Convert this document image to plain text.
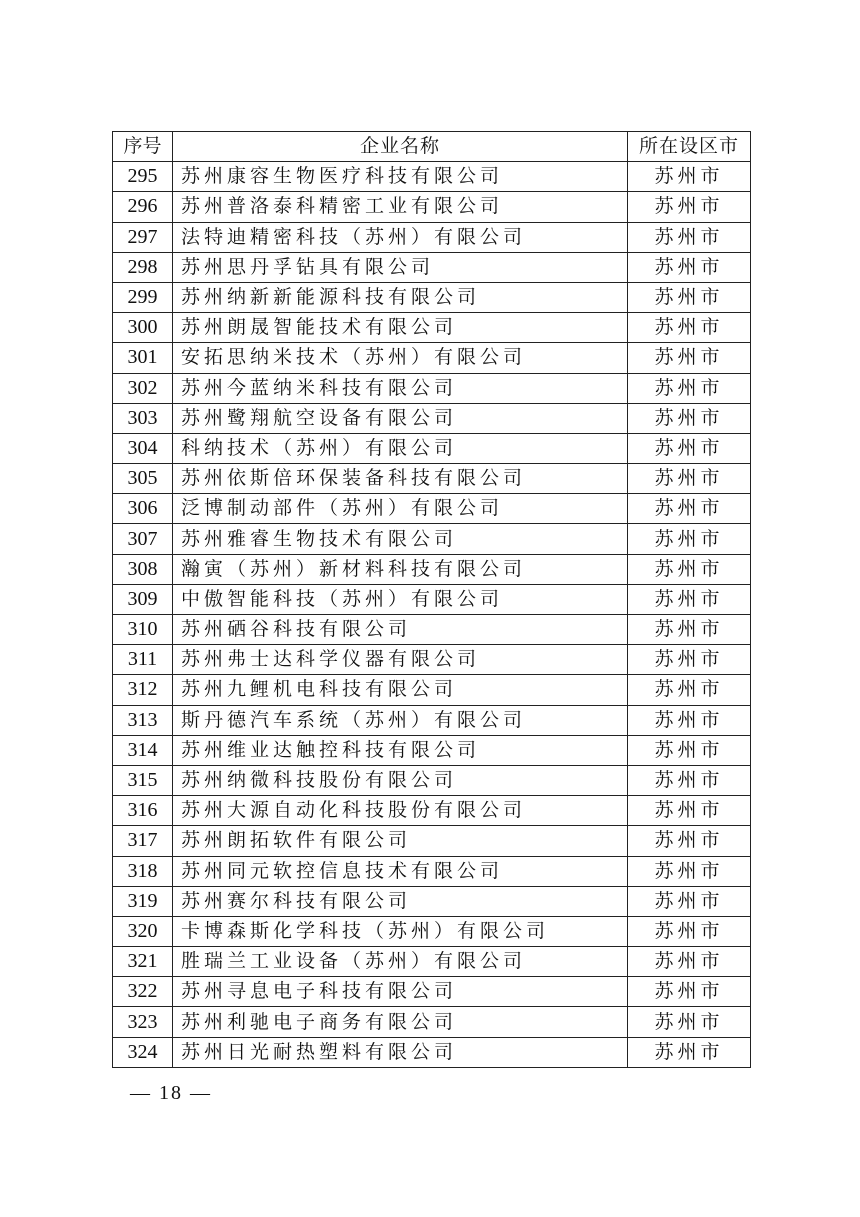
序号	企业名称	所在设区市
295	苏州康容生物医疗科技有限公司	苏州市
296	苏州普洛泰科精密工业有限公司	苏州市
297	法特迪精密科技（苏州）有限公司	苏州市
298	苏州思丹孚钻具有限公司	苏州市
299	苏州纳新新能源科技有限公司	苏州市
300	苏州朗晟智能技术有限公司	苏州市
301	安拓思纳米技术（苏州）有限公司	苏州市
302	苏州今蓝纳米科技有限公司	苏州市
303	苏州鹭翔航空设备有限公司	苏州市
304	科纳技术（苏州）有限公司	苏州市
305	苏州依斯倍环保装备科技有限公司	苏州市
306	泛博制动部件（苏州）有限公司	苏州市
307	苏州雅睿生物技术有限公司	苏州市
308	瀚寅（苏州）新材料科技有限公司	苏州市
309	中傲智能科技（苏州）有限公司	苏州市
310	苏州硒谷科技有限公司	苏州市
311	苏州弗士达科学仪器有限公司	苏州市
312	苏州九鲤机电科技有限公司	苏州市
313	斯丹德汽车系统（苏州）有限公司	苏州市
314	苏州维业达触控科技有限公司	苏州市
315	苏州纳微科技股份有限公司	苏州市
316	苏州大源自动化科技股份有限公司	苏州市
317	苏州朗拓软件有限公司	苏州市
318	苏州同元软控信息技术有限公司	苏州市
319	苏州赛尔科技有限公司	苏州市
320	卡博森斯化学科技（苏州）有限公司	苏州市
321	胜瑞兰工业设备（苏州）有限公司	苏州市
322	苏州寻息电子科技有限公司	苏州市
323	苏州利驰电子商务有限公司	苏州市
324	苏州日光耐热塑料有限公司	苏州市
— 18 —
